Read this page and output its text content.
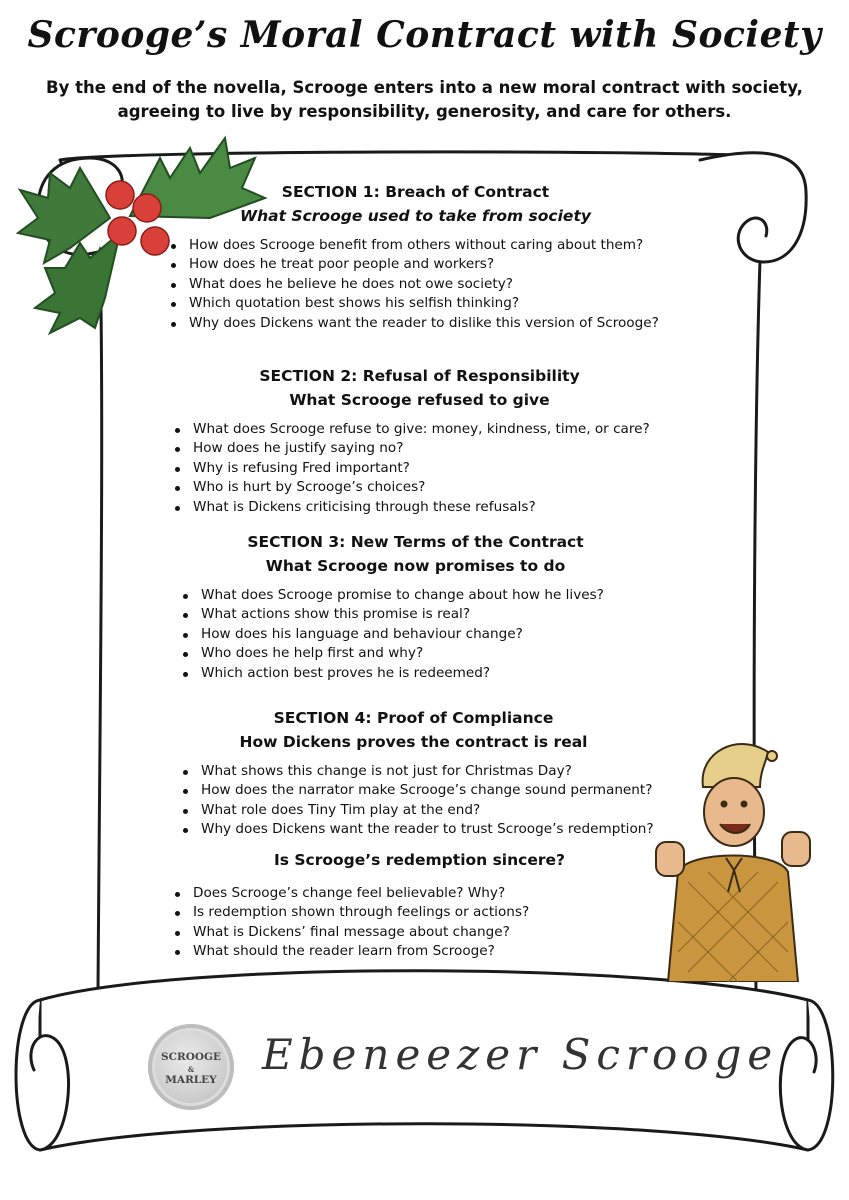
Scrooge’s Moral Contract with Society
By the end of the novella, Scrooge enters into a new moral contract with society,
agreeing to live by responsibility, generosity, and care for others.
SECTION 1: Breach of Contract
What Scrooge used to take from society
How does Scrooge benefit from others without caring about them?
How does he treat poor people and workers?
What does he believe he does not owe society?
Which quotation best shows his selfish thinking?
Why does Dickens want the reader to dislike this version of Scrooge?
SECTION 2: Refusal of Responsibility
What Scrooge refused to give
What does Scrooge refuse to give: money, kindness, time, or care?
How does he justify saying no?
Why is refusing Fred important?
Who is hurt by Scrooge’s choices?
What is Dickens criticising through these refusals?
SECTION 3: New Terms of the Contract
What Scrooge now promises to do
What does Scrooge promise to change about how he lives?
What actions show this promise is real?
How does his language and behaviour change?
Who does he help first and why?
Which action best proves he is redeemed?
SECTION 4: Proof of Compliance
How Dickens proves the contract is real
What shows this change is not just for Christmas Day?
How does the narrator make Scrooge’s change sound permanent?
What role does Tiny Tim play at the end?
Why does Dickens want the reader to trust Scrooge’s redemption?
Is Scrooge’s redemption sincere?
Does Scrooge’s change feel believable? Why?
Is redemption shown through feelings or actions?
What is Dickens’ final message about change?
What should the reader learn from Scrooge?
SCROOGE
&
MARLEY
Ebeneezer Scrooge
